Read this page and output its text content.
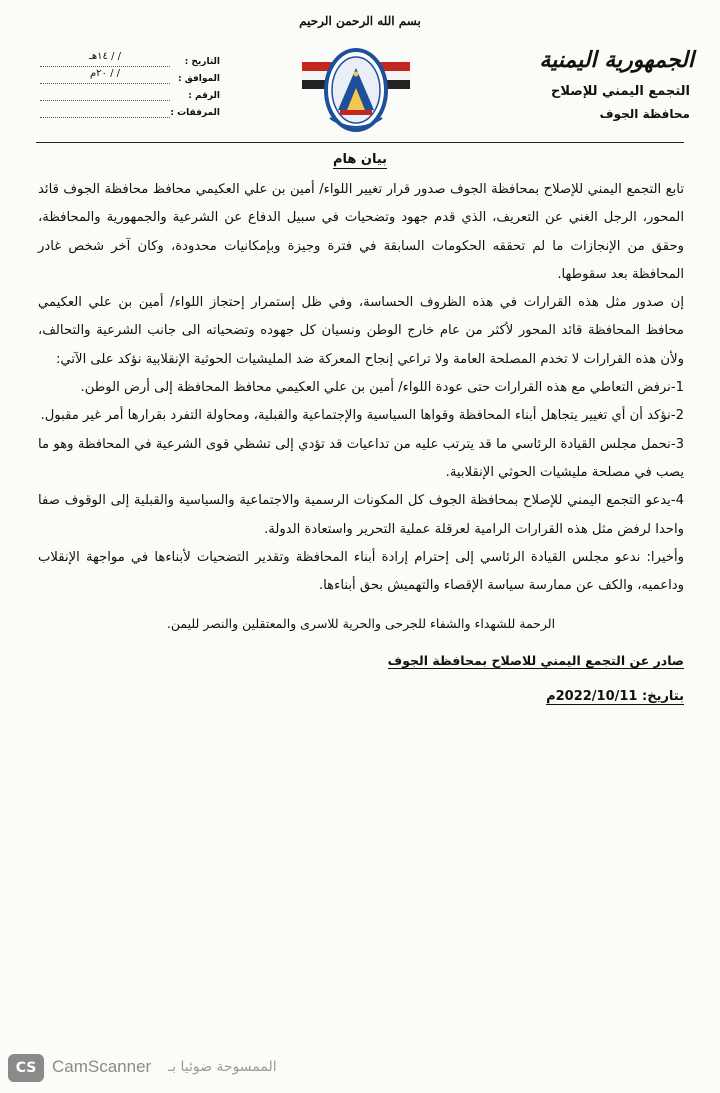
بسم الله الرحمن الرحيم
الجمهورية اليمنية
التجمع اليمني للإصلاح
محافظة الجوف
التاريخ :
/ / ١٤هـ
الموافق :
/ / ٢٠م
الرقم :
المرفقات :
بيان هام

تابع التجمع اليمني للإصلاح بمحافظة الجوف صدور قرار تغيير اللواء/ أمين بن علي العكيمي محافظ محافظة الجوف قائد المحور، الرجل الغني عن التعريف، الذي قدم جهود وتضحيات في سبيل الدفاع عن الشرعية والجمهورية والمحافظة، وحقق من الإنجازات ما لم تحققه الحكومات السابقة في فترة وجيزة وبإمكانيات محدودة، وكان آخر شخص غادر المحافظة بعد سقوطها.

إن صدور مثل هذه القرارات في هذه الظروف الحساسة، وفي ظل إستمرار إحتجاز اللواء/ أمين بن علي العكيمي محافظ المحافظة قائد المحور لأكثر من عام خارج الوطن ونسيان كل جهوده وتضحياته الى جانب الشرعية والتحالف، ولأن هذه القرارات لا تخدم المصلحة العامة ولا تراعي إنجاح المعركة ضد المليشيات الحوثية الإنقلابية نؤكد على الآتي:

1-نرفض التعاطي مع هذه القرارات حتى عودة اللواء/ أمين بن علي العكيمي محافظ المحافظة إلى أرض الوطن.

2-نؤكد أن أي تغيير يتجاهل أبناء المحافظة وقواها السياسية والإجتماعية والقبلية، ومحاولة التفرد بقرارها أمر غير مقبول.

3-نحمل مجلس القيادة الرئاسي ما قد يترتب عليه من تداعيات قد تؤدي إلى تشظي قوى الشرعية في المحافظة وهو ما يصب في مصلحة مليشيات الحوثي الإنقلابية.

4-يدعو التجمع اليمني للإصلاح بمحافظة الجوف كل المكونات الرسمية والاجتماعية والسياسية والقبلية إلى الوقوف صفا واحدا لرفض مثل هذه القرارات الرامية لعرقلة عملية التحرير واستعادة الدولة.

وأخيرا: ندعو مجلس القيادة الرئاسي إلى إحترام إرادة أبناء المحافظة وتقدير التضحيات لأبناءها في مواجهة الإنقلاب وداعميه، والكف عن ممارسة سياسة الإقصاء والتهميش بحق أبناءها.

الرحمة للشهداء والشفاء للجرحى والحرية للاسرى والمعتقلين والنصر لليمن.

صادر عن التجمع اليمني للاصلاح بمحافظة الجوف
بتاريخ: 2022/10/11م
CS CamScanner الممسوحة ضوئيا بـ
